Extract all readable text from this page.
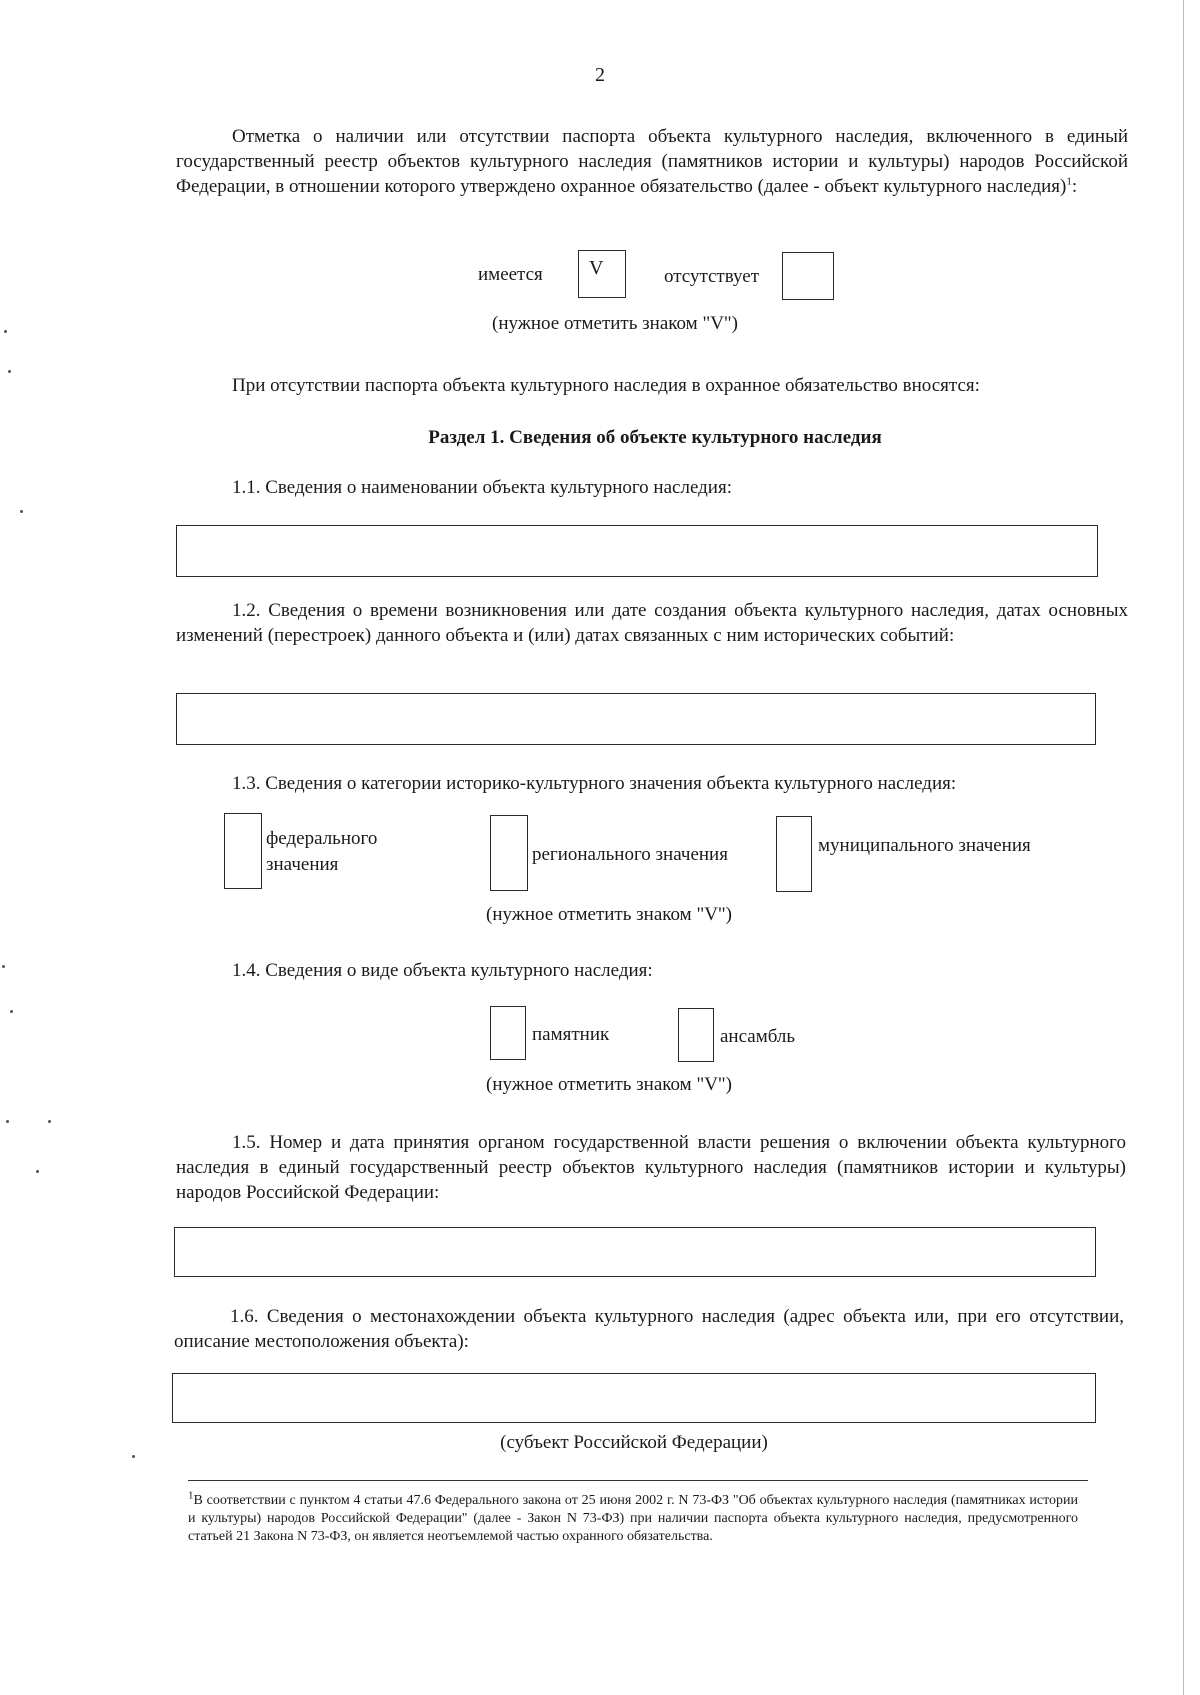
2
Отметка о наличии или отсутствии паспорта объекта культурного наследия, включенного в единый государственный реестр объектов культурного наследия (памятников истории и культуры) народов Российской Федерации, в отношении которого утверждено охранное обязательство (далее - объект культурного наследия)$^1$:
имеется	V	отсутствует
(нужное отметить знаком "V")
При отсутствии паспорта объекта культурного наследия в охранное обязательство вносятся:
Раздел 1. Сведения об объекте культурного наследия
1.1. Сведения о наименовании объекта культурного наследия:
1.2. Сведения о времени возникновения или дате создания объекта культурного наследия, датах основных изменений (перестроек) данного объекта и (или) датах связанных с ним исторических событий:
1.3. Сведения о категории историко-культурного значения объекта культурного наследия:
федерального
значения	регионального значения	муниципального значения
(нужное отметить знаком "V")
1.4. Сведения о виде объекта культурного наследия:
памятник	ансамбль
(нужное отметить знаком "V")
1.5. Номер и дата принятия органом государственной власти решения о включении объекта культурного наследия в единый государственный реестр объектов культурного наследия (памятников истории и культуры) народов Российской Федерации:
1.6. Сведения о местонахождении объекта культурного наследия (адрес объекта или, при его отсутствии, описание местоположения объекта):
(субъект Российской Федерации)
$^1$В соответствии с пунктом 4 статьи 47.6 Федерального закона от 25 июня 2002 г. N 73-ФЗ "Об объектах культурного наследия (памятниках истории и культуры) народов Российской Федерации" (далее - Закон N 73-ФЗ) при наличии паспорта объекта культурного наследия, предусмотренного статьей 21 Закона N 73-ФЗ, он является неотъемлемой частью охранного обязательства.
